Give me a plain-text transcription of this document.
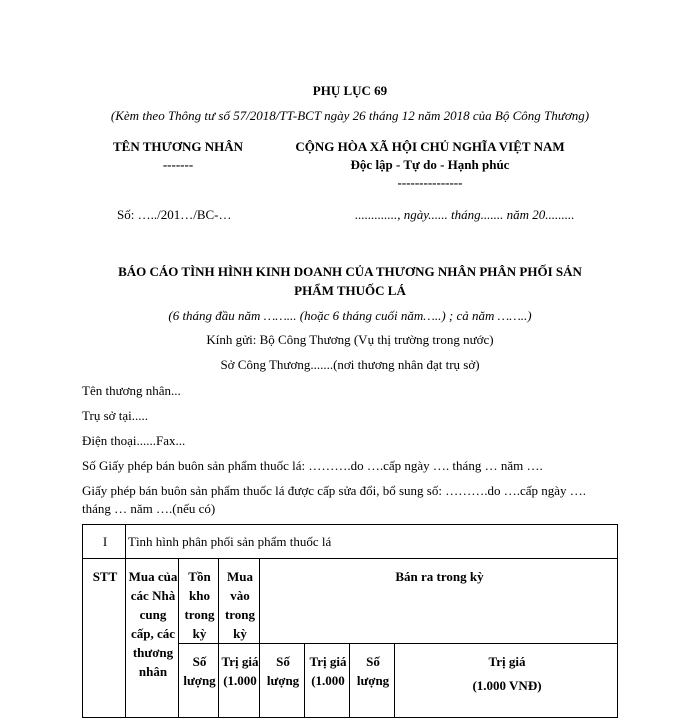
PHỤ LỤC 69
(Kèm theo Thông tư số 57/2018/TT-BCT ngày 26 tháng 12 năm 2018 của Bộ Công Thương)
TÊN THƯƠNG NHÂN
-------
CỘNG HÒA XÃ HỘI CHỦ NGHĨA VIỆT NAM
Độc lập - Tự do - Hạnh phúc
---------------
Số: …../201…/BC-…	............., ngày...... tháng....... năm 20.........
BÁO CÁO TÌNH HÌNH KINH DOANH CỦA THƯƠNG NHÂN PHÂN PHỐI SẢN
PHẨM THUỐC LÁ
(6 tháng đầu năm ……... (hoặc 6 tháng cuối năm…..) ; cả năm ……..)
Kính gửi: Bộ Công Thương (Vụ thị trường trong nước)
Sở Công Thương.......(nơi thương nhân đạt trụ sở)
Tên thương nhân...
Trụ sở tại.....
Điện thoại......Fax...
Số Giấy phép bán buôn sản phẩm thuốc lá: ……….do ….cấp ngày …. tháng … năm ….
Giấy phép bán buôn sản phẩm thuốc lá được cấp sửa đổi, bổ sung số: ……….do ….cấp ngày ….
tháng … năm ….(nếu có)
I	Tình hình phân phối sản phẩm thuốc lá
STT Mua của các Nhà cung cấp, các thương nhân
Tồn kho trong kỳ
Mua vào trong kỳ
Bán ra trong kỳ
Số lượng
Trị giá (1.000
Số lượng
Trị giá (1.000
Số lượng
Trị giá
(1.000 VNĐ)
